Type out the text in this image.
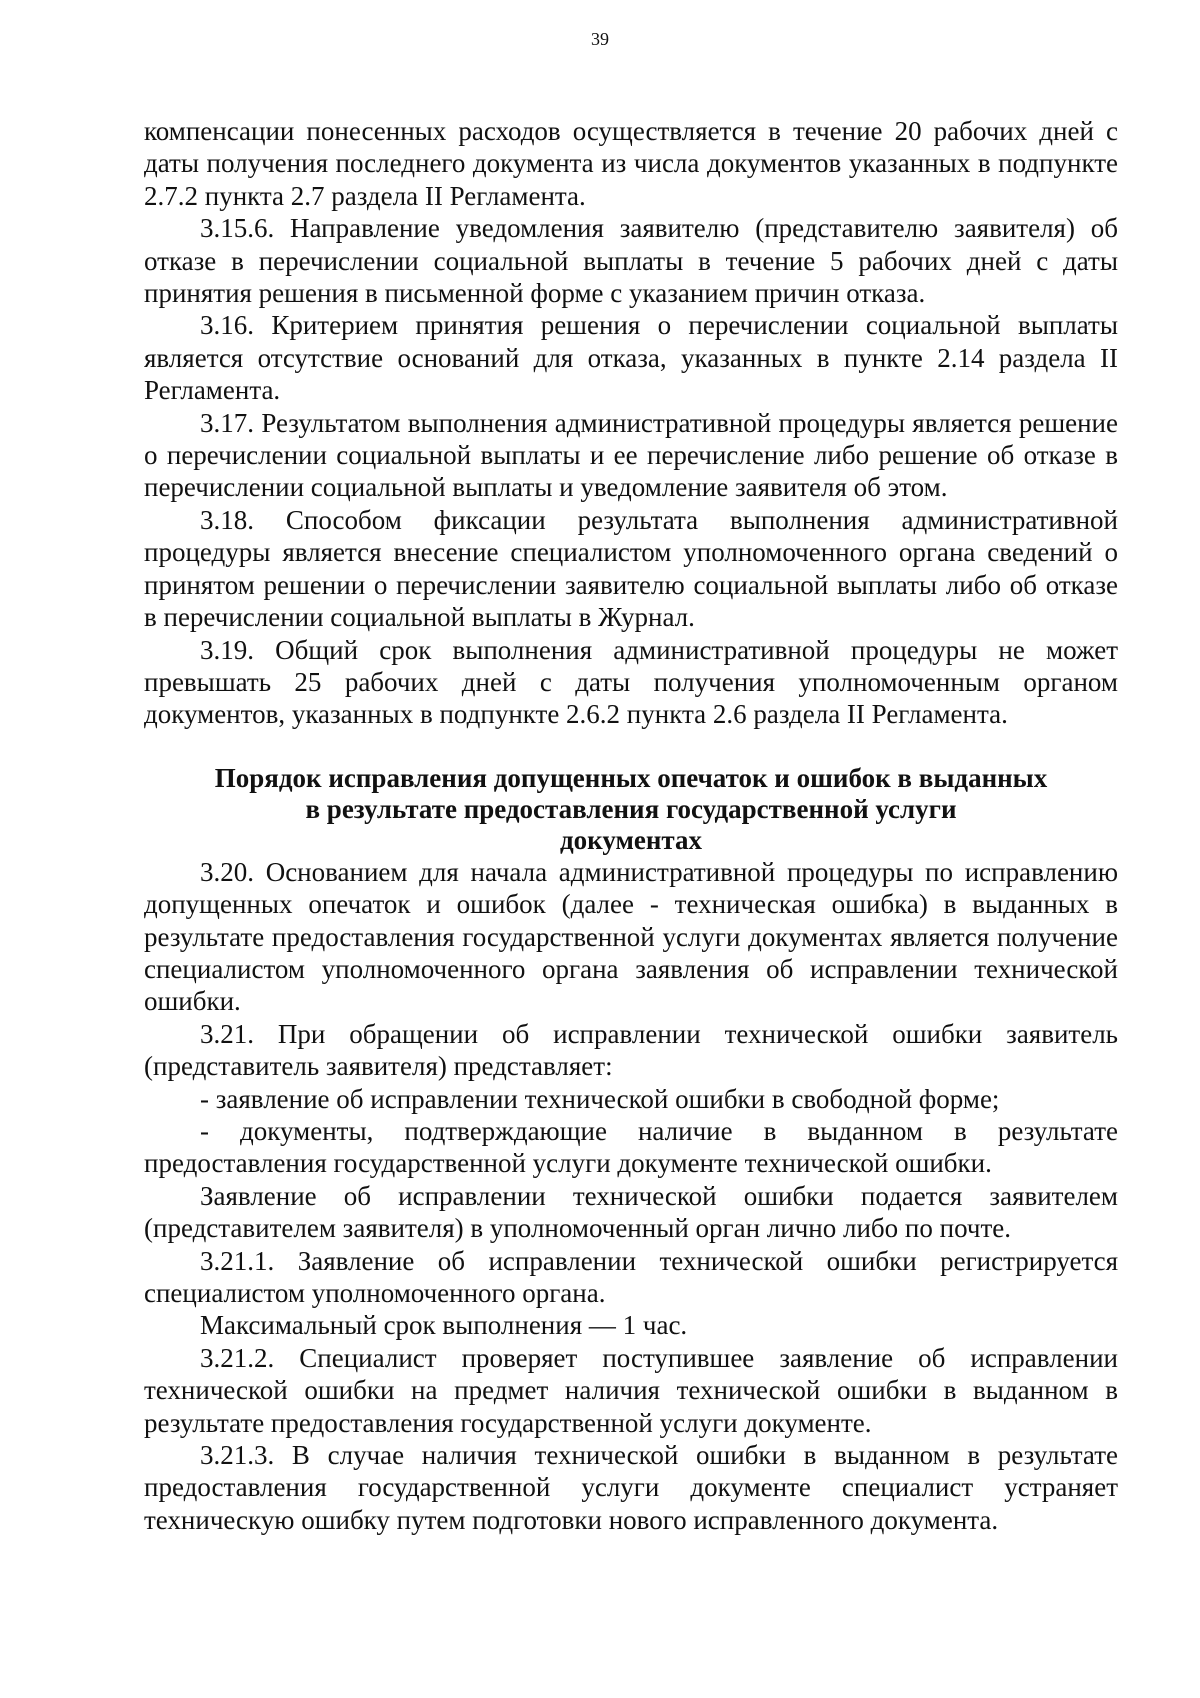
39

компенсации понесенных расходов осуществляется в течение 20 рабочих дней с даты получения последнего документа из числа документов указанных в подпункте 2.7.2 пункта 2.7 раздела II Регламента.

3.15.6. Направление уведомления заявителю (представителю заявителя) об отказе в перечислении социальной выплаты в течение 5 рабочих дней с даты принятия решения в письменной форме с указанием причин отказа.

3.16. Критерием принятия решения о перечислении социальной выплаты является отсутствие оснований для отказа, указанных в пункте 2.14 раздела II Регламента.

3.17. Результатом выполнения административной процедуры является решение о перечислении социальной выплаты и ее перечисление либо решение об отказе в перечислении социальной выплаты и уведомление заявителя об этом.

3.18. Способом фиксации результата выполнения административной процедуры является внесение специалистом уполномоченного органа сведений о принятом решении о перечислении заявителю социальной выплаты либо об отказе в перечислении социальной выплаты в Журнал.

3.19. Общий срок выполнения административной процедуры не может превышать 25 рабочих дней с даты получения уполномоченным органом документов, указанных в подпункте 2.6.2 пункта 2.6 раздела II Регламента.

Порядок исправления допущенных опечаток и ошибок в выданных
в результате предоставления государственной услуги
документах

3.20. Основанием для начала административной процедуры по исправлению допущенных опечаток и ошибок (далее - техническая ошибка) в выданных в результате предоставления государственной услуги документах является получение специалистом уполномоченного органа заявления об исправлении технической ошибки.

3.21. При обращении об исправлении технической ошибки заявитель (представитель заявителя) представляет:

- заявление об исправлении технической ошибки в свободной форме;

- документы, подтверждающие наличие в выданном в результате предоставления государственной услуги документе технической ошибки.

Заявление об исправлении технической ошибки подается заявителем (представителем заявителя) в уполномоченный орган лично либо по почте.

3.21.1. Заявление об исправлении технической ошибки регистрируется специалистом уполномоченного органа.

Максимальный срок выполнения — 1 час.

3.21.2. Специалист проверяет поступившее заявление об исправлении технической ошибки на предмет наличия технической ошибки в выданном в результате предоставления государственной услуги документе.

3.21.3. В случае наличия технической ошибки в выданном в результате предоставления государственной услуги документе специалист устраняет техническую ошибку путем подготовки нового исправленного документа.
